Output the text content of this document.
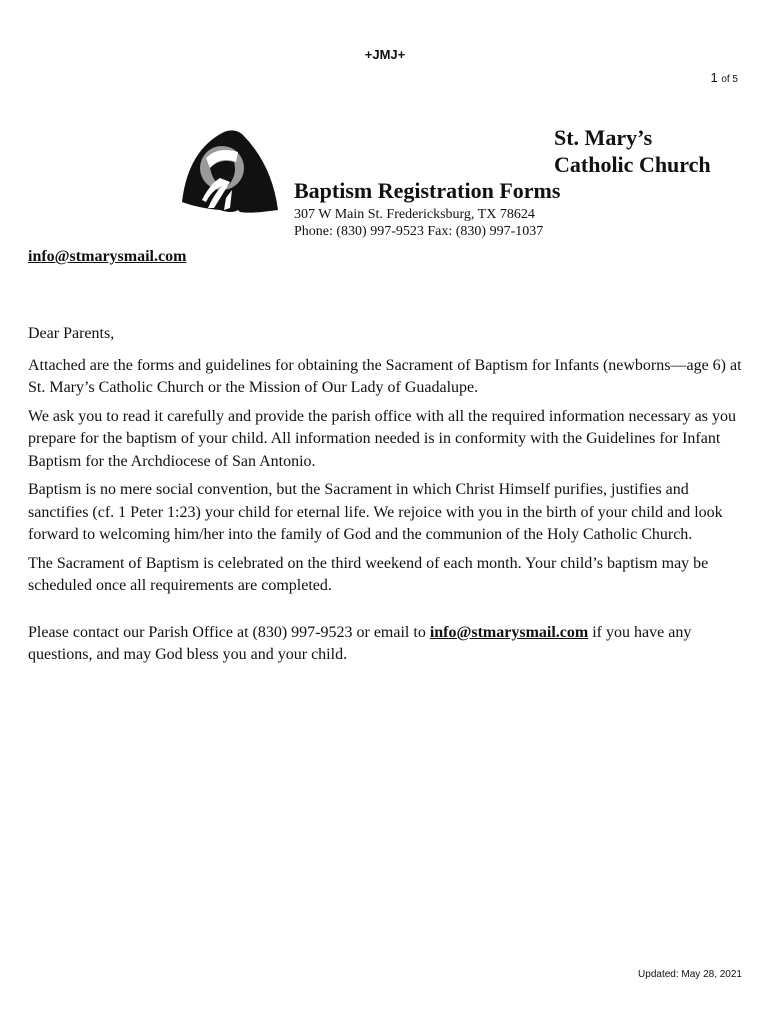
+JMJ+
1 of 5
St. Mary’s
Catholic Church
Baptism Registration Forms
307 W Main St. Fredericksburg, TX 78624
Phone: (830) 997-9523 Fax: (830) 997-1037
info@stmarysmail.com

Dear Parents,

Attached are the forms and guidelines for obtaining the Sacrament of Baptism for Infants (newborns—age 6) at St. Mary’s Catholic Church or the Mission of Our Lady of Guadalupe.

We ask you to read it carefully and provide the parish office with all the required information necessary as you prepare for the baptism of your child. All information needed is in conformity with the Guidelines for Infant Baptism for the Archdiocese of San Antonio.

Baptism is no mere social convention, but the Sacrament in which Christ Himself purifies, justifies and sanctifies (cf. 1 Peter 1:23) your child for eternal life. We rejoice with you in the birth of your child and look forward to welcoming him/her into the family of God and the communion of the Holy Catholic Church.

The Sacrament of Baptism is celebrated on the third weekend of each month. Your child’s baptism may be scheduled once all requirements are completed.

Please contact our Parish Office at (830) 997-9523 or email to info@stmarysmail.com if you have any questions, and may God bless you and your child.

Updated: May 28, 2021
